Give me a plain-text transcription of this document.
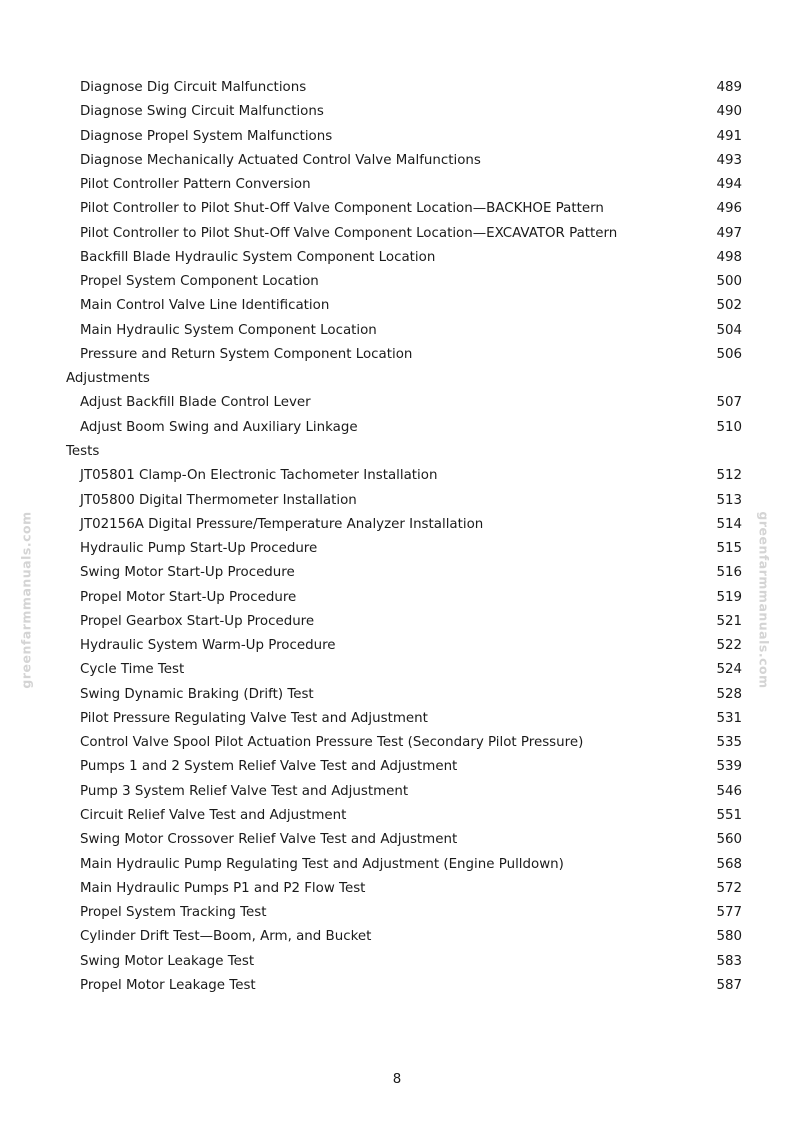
Diagnose Dig Circuit Malfunctions	489
Diagnose Swing Circuit Malfunctions	490
Diagnose Propel System Malfunctions	491
Diagnose Mechanically Actuated Control Valve Malfunctions	493
Pilot Controller Pattern Conversion	494
Pilot Controller to Pilot Shut-Off Valve Component Location—BACKHOE Pattern	496
Pilot Controller to Pilot Shut-Off Valve Component Location—EXCAVATOR Pattern	497
Backfill Blade Hydraulic System Component Location	498
Propel System Component Location	500
Main Control Valve Line Identification	502
Main Hydraulic System Component Location	504
Pressure and Return System Component Location	506
Adjustments
Adjust Backfill Blade Control Lever	507
Adjust Boom Swing and Auxiliary Linkage	510
Tests
JT05801 Clamp-On Electronic Tachometer Installation	512
JT05800 Digital Thermometer Installation	513
JT02156A Digital Pressure/Temperature Analyzer Installation	514
Hydraulic Pump Start-Up Procedure	515
Swing Motor Start-Up Procedure	516
Propel Motor Start-Up Procedure	519
Propel Gearbox Start-Up Procedure	521
Hydraulic System Warm-Up Procedure	522
Cycle Time Test	524
Swing Dynamic Braking (Drift) Test	528
Pilot Pressure Regulating Valve Test and Adjustment	531
Control Valve Spool Pilot Actuation Pressure Test (Secondary Pilot Pressure)	535
Pumps 1 and 2 System Relief Valve Test and Adjustment	539
Pump 3 System Relief Valve Test and Adjustment	546
Circuit Relief Valve Test and Adjustment	551
Swing Motor Crossover Relief Valve Test and Adjustment	560
Main Hydraulic Pump Regulating Test and Adjustment (Engine Pulldown)	568
Main Hydraulic Pumps P1 and P2 Flow Test	572
Propel System Tracking Test	577
Cylinder Drift Test—Boom, Arm, and Bucket	580
Swing Motor Leakage Test	583
Propel Motor Leakage Test	587
greenfarmmanuals.com	greenfarmmanuals.com
8
